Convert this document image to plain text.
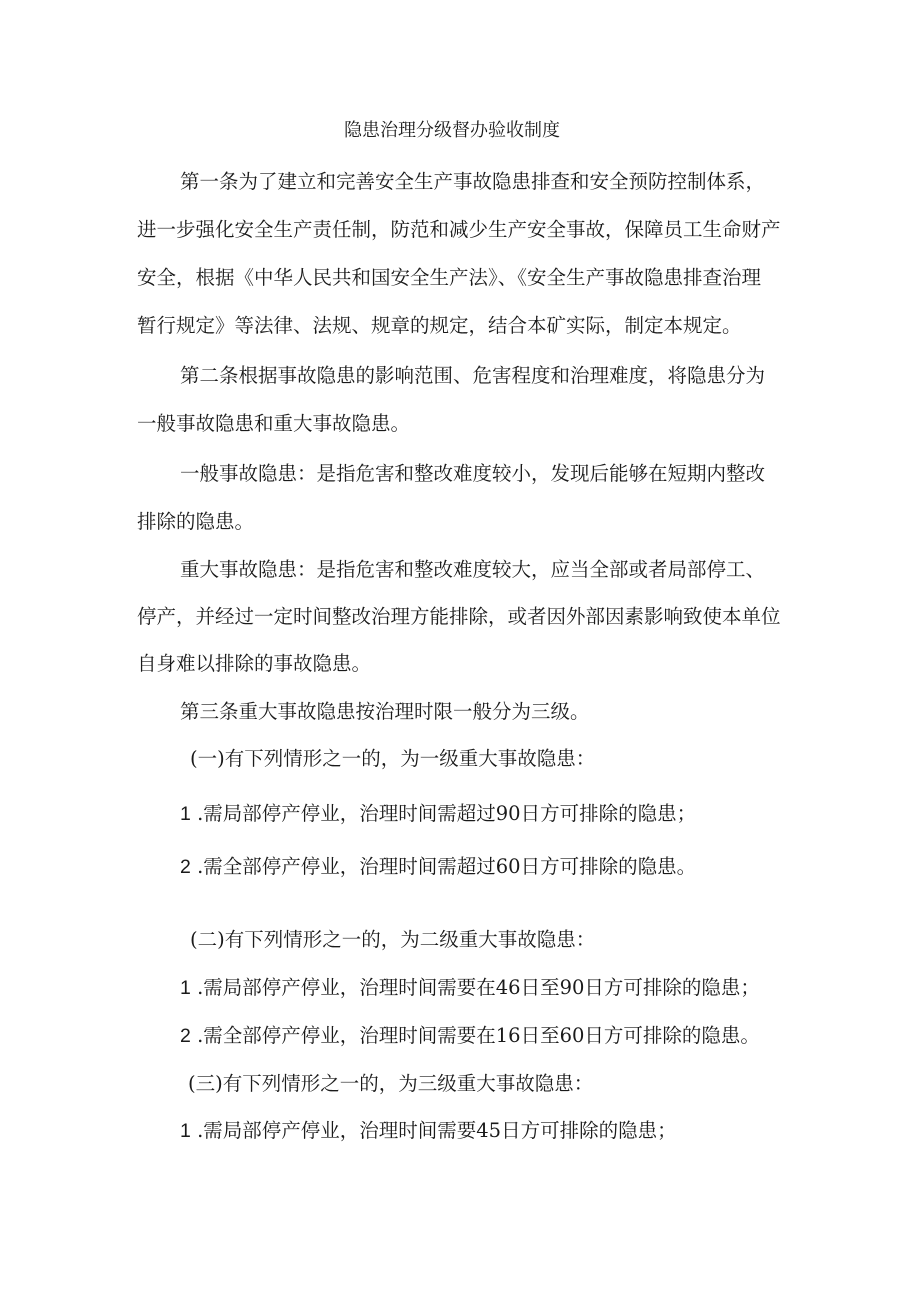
隐患治理分级督办验收制度
第一条为了建立和完善安全生产事故隐患排查和安全预防控制体系，
进一步强化安全生产责任制，防范和减少生产安全事故，保障员工生命财产
安全，根据《中华人民共和国安全生产法》、《安全生产事故隐患排查治理
暂行规定》等法律、法规、规章的规定，结合本矿实际，制定本规定。
第二条根据事故隐患的影响范围、危害程度和治理难度，将隐患分为
一般事故隐患和重大事故隐患。
一般事故隐患：是指危害和整改难度较小，发现后能够在短期内整改
排除的隐患。
重大事故隐患：是指危害和整改难度较大，应当全部或者局部停工、
停产，并经过一定时间整改治理方能排除，或者因外部因素影响致使本单位
自身难以排除的事故隐患。
第三条重大事故隐患按治理时限一般分为三级。
(一)有下列情形之一的，为一级重大事故隐患：
1 .需局部停产停业，治理时间需超过90日方可排除的隐患；
2 .需全部停产停业，治理时间需超过60日方可排除的隐患。
(二)有下列情形之一的，为二级重大事故隐患：
1 .需局部停产停业，治理时间需要在46日至90日方可排除的隐患；
2 .需全部停产停业，治理时间需要在16日至60日方可排除的隐患。
(三)有下列情形之一的，为三级重大事故隐患：
1 .需局部停产停业，治理时间需要45日方可排除的隐患；
